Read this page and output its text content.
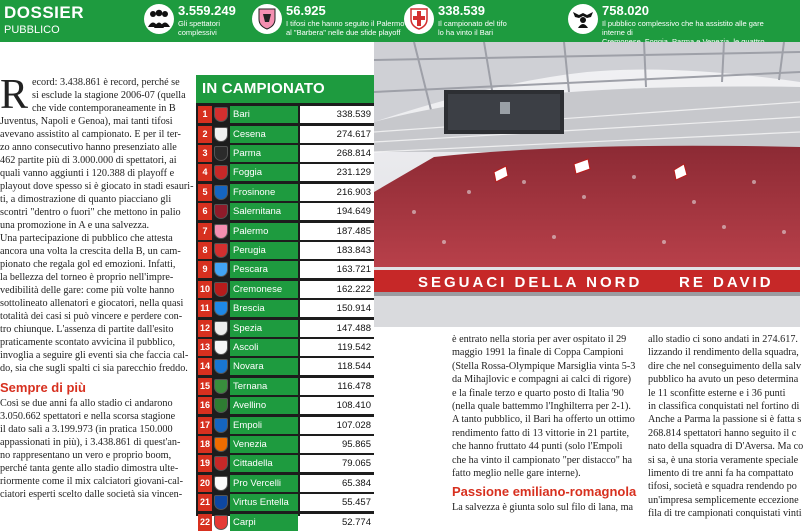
DOSSIER
PUBBLICO
3.559.249
Gli spettatori
complessivi
56.925
I tifosi che hanno seguito il Palermo
al "Barbera" nelle due sfide playoff
338.539
Il campionato del tifo
lo ha vinto il Bari
758.020
Il pubblico complessivo che ha assistito alle gare interne di
R ecord: 3.438.861 è record, perché se
si esclude la stagione 2006-07 (quella
che vide contemporaneamente in B
Juventus, Napoli e Genoa), mai tanti tifosi
avevano assistito al campionato. E per il ter-
zo anno consecutivo hanno presenziato alle
462 partite più di 3.000.000 di spettatori, ai
quali vanno aggiunti i 120.388 di playoff e
playout dove spesso si è giocato in stadi esauri-
ti, a dimostrazione di quanto piacciano gli
scontri "dentro o fuori" che mettono in palio
una promozione in A e una salvezza.
Una partecipazione di pubblico che attesta
ancora una volta la crescita della B, un cam-
pionato che regala gol ed emozioni. Infatti,
la bellezza del torneo è proprio nell'impre-
vedibilità delle gare: come più volte hanno
sottolineato allenatori e giocatori, nella quasi
totalità dei casi si può vincere e perdere con-
tro chiunque. L'assenza di partite dall'esito
praticamente scontato avvicina il pubblico,
invoglia a seguire gli eventi sia che faccia cal-
do, sia che sugli spalti ci sia parecchio freddo.
Sempre di più
Così se due anni fa allo stadio ci andarono
3.050.662 spettatori e nella scorsa stagione
il dato salì a 3.199.973 (in pratica 150.000
appassionati in più), i 3.438.861 di quest'an-
no rappresentano un vero e proprio boom,
perché tanta gente allo stadio dimostra ulte-
riormente come il mix calciatori giovani-cal-
ciatori esperti scelto dalle società sia vincen-
IN CAMPIONATO
1	Bari	338.539
2	Cesena	274.617
3	Parma	268.814
4	Foggia	231.129
5	Frosinone	216.903
6	Salernitana	194.649
7	Palermo	187.485
8	Perugia	183.843
9	Pescara	163.721
10	Cremonese	162.222
11	Brescia	150.914
12	Spezia	147.488
13	Ascoli	119.542
14	Novara	118.544
15	Ternana	116.478
16	Avellino	108.410
17	Empoli	107.028
18	Venezia	95.865
19	Cittadella	79.065
20	Pro Vercelli	65.384
21	Virtus Entella	55.457
22	Carpi	52.774
SEGUACI DELLA NORD RE DAVID
è entrato nella storia per aver ospitato il 29
maggio 1991 la finale di Coppa Campioni
(Stella Rossa-Olympique Marsiglia vinta 5-3
da Mihajlovic e compagni ai calci di rigore)
e la finale terzo e quarto posto di Italia '90
(nella quale battemmo l'Inghilterra per 2-1).
A tanto pubblico, il Bari ha offerto un ottimo
rendimento fatto di 13 vittorie in 21 partite,
che hanno fruttato 44 punti (solo l'Empoli
che ha vinto il campionato "per distacco" ha
fatto meglio nelle gare interne).
Passione emiliano-romagnola
La salvezza è giunta solo sul filo di lana, ma
allo stadio ci sono andati in 274.617.
lizzando il rendimento della squadra,
dire che nel conseguimento della salv
pubblico ha avuto un peso determina
le 11 sconfitte esterne e i 36 punti
in classifica conquistati nel fortino di
Anche a Parma la passione si è fatta s
268.814 spettatori hanno seguito il c
nato della squadra di D'Aversa. Ma co
si sa, è una storia veramente speciale
limento di tre anni fa ha compattato
tifosi, società e squadra rendendo po
un'impresa semplicemente eccezione
fila di tre campionati conquistati vinti
